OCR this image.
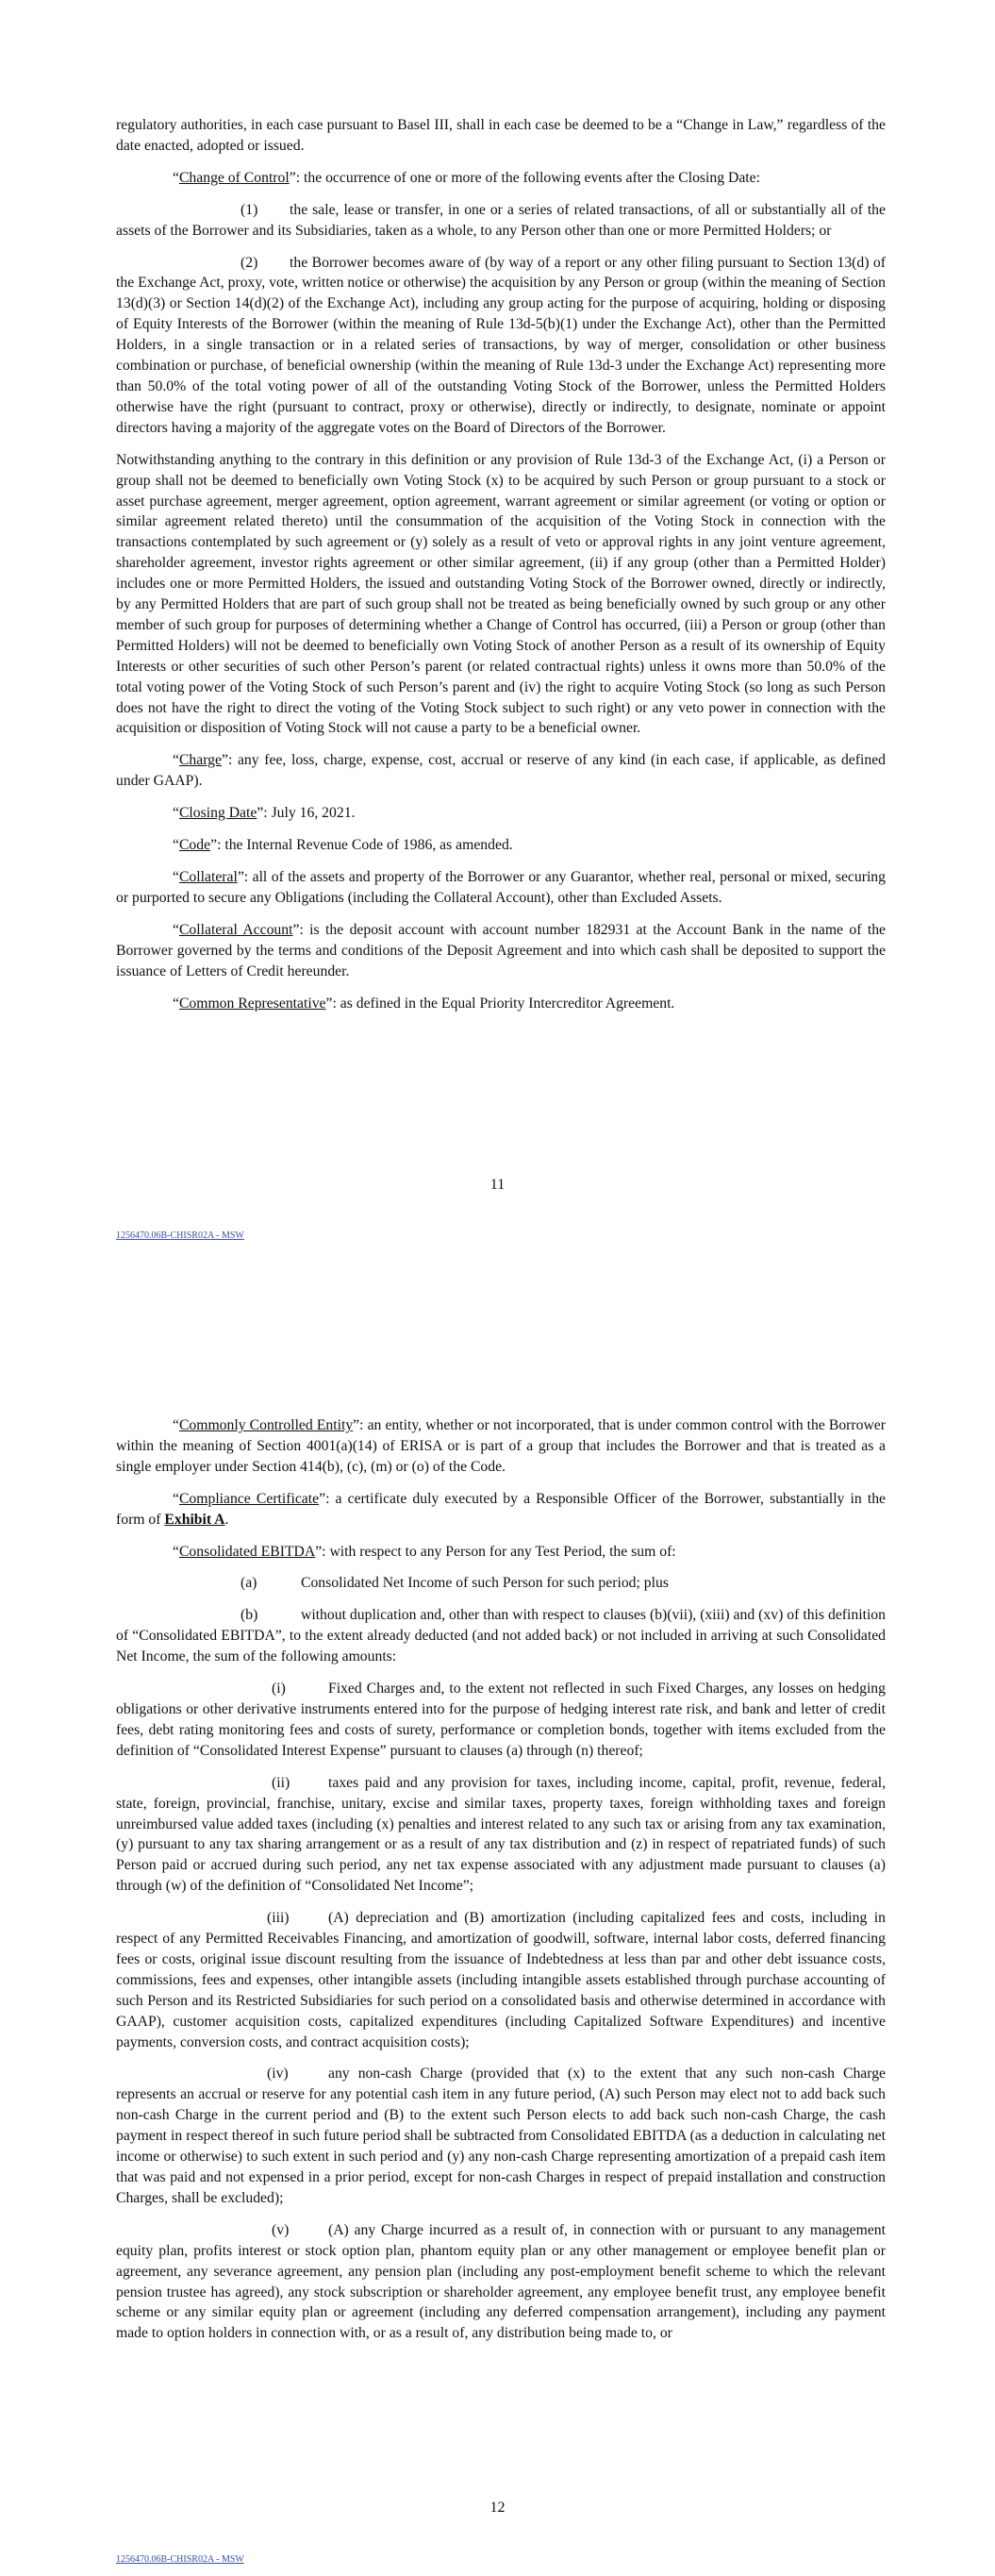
regulatory authorities, in each case pursuant to Basel III, shall in each case be deemed to be a “Change in Law,” regardless of the date enacted, adopted or issued.

“Change of Control”: the occurrence of one or more of the following events after the Closing Date:

(1) the sale, lease or transfer, in one or a series of related transactions, of all or substantially all of the assets of the Borrower and its Subsidiaries, taken as a whole, to any Person other than one or more Permitted Holders; or

(2) the Borrower becomes aware of (by way of a report or any other filing pursuant to Section 13(d) of the Exchange Act, proxy, vote, written notice or otherwise) the acquisition by any Person or group (within the meaning of Section 13(d)(3) or Section 14(d)(2) of the Exchange Act), including any group acting for the purpose of acquiring, holding or disposing of Equity Interests of the Borrower (within the meaning of Rule 13d-5(b)(1) under the Exchange Act), other than the Permitted Holders, in a single transaction or in a related series of transactions, by way of merger, consolidation or other business combination or purchase, of beneficial ownership (within the meaning of Rule 13d-3 under the Exchange Act) representing more than 50.0% of the total voting power of all of the outstanding Voting Stock of the Borrower, unless the Permitted Holders otherwise have the right (pursuant to contract, proxy or otherwise), directly or indirectly, to designate, nominate or appoint directors having a majority of the aggregate votes on the Board of Directors of the Borrower.

Notwithstanding anything to the contrary in this definition or any provision of Rule 13d-3 of the Exchange Act, (i) a Person or group shall not be deemed to beneficially own Voting Stock (x) to be acquired by such Person or group pursuant to a stock or asset purchase agreement, merger agreement, option agreement, warrant agreement or similar agreement (or voting or option or similar agreement related thereto) until the consummation of the acquisition of the Voting Stock in connection with the transactions contemplated by such agreement or (y) solely as a result of veto or approval rights in any joint venture agreement, shareholder agreement, investor rights agreement or other similar agreement, (ii) if any group (other than a Permitted Holder) includes one or more Permitted Holders, the issued and outstanding Voting Stock of the Borrower owned, directly or indirectly, by any Permitted Holders that are part of such group shall not be treated as being beneficially owned by such group or any other member of such group for purposes of determining whether a Change of Control has occurred, (iii) a Person or group (other than Permitted Holders) will not be deemed to beneficially own Voting Stock of another Person as a result of its ownership of Equity Interests or other securities of such other Person’s parent (or related contractual rights) unless it owns more than 50.0% of the total voting power of the Voting Stock of such Person’s parent and (iv) the right to acquire Voting Stock (so long as such Person does not have the right to direct the voting of the Voting Stock subject to such right) or any veto power in connection with the acquisition or disposition of Voting Stock will not cause a party to be a beneficial owner.

“Charge”: any fee, loss, charge, expense, cost, accrual or reserve of any kind (in each case, if applicable, as defined under GAAP).

“Closing Date”: July 16, 2021.

“Code”: the Internal Revenue Code of 1986, as amended.

“Collateral”: all of the assets and property of the Borrower or any Guarantor, whether real, personal or mixed, securing or purported to secure any Obligations (including the Collateral Account), other than Excluded Assets.

“Collateral Account”: is the deposit account with account number 182931 at the Account Bank in the name of the Borrower governed by the terms and conditions of the Deposit Agreement and into which cash shall be deposited to support the issuance of Letters of Credit hereunder.

“Common Representative”: as defined in the Equal Priority Intercreditor Agreement.

11
1256470.06B-CHISR02A - MSW

“Commonly Controlled Entity”: an entity, whether or not incorporated, that is under common control with the Borrower within the meaning of Section 4001(a)(14) of ERISA or is part of a group that includes the Borrower and that is treated as a single employer under Section 414(b), (c), (m) or (o) of the Code.

“Compliance Certificate”: a certificate duly executed by a Responsible Officer of the Borrower, substantially in the form of Exhibit A.

“Consolidated EBITDA”: with respect to any Person for any Test Period, the sum of:

(a)	Consolidated Net Income of such Person for such period; plus

(b)	without duplication and, other than with respect to clauses (b)(vii), (xiii) and (xv) of this definition of “Consolidated EBITDA”, to the extent already deducted (and not added back) or not included in arriving at such Consolidated Net Income, the sum of the following amounts:

(i)	Fixed Charges and, to the extent not reflected in such Fixed Charges, any losses on hedging obligations or other derivative instruments entered into for the purpose of hedging interest rate risk, and bank and letter of credit fees, debt rating monitoring fees and costs of surety, performance or completion bonds, together with items excluded from the definition of “Consolidated Interest Expense” pursuant to clauses (a) through (n) thereof;

(ii)	taxes paid and any provision for taxes, including income, capital, profit, revenue, federal, state, foreign, provincial, franchise, unitary, excise and similar taxes, property taxes, foreign withholding taxes and foreign unreimbursed value added taxes (including (x) penalties and interest related to any such tax or arising from any tax examination, (y) pursuant to any tax sharing arrangement or as a result of any tax distribution and (z) in respect of repatriated funds) of such Person paid or accrued during such period, any net tax expense associated with any adjustment made pursuant to clauses (a) through (w) of the definition of “Consolidated Net Income”;

(iii)	(A) depreciation and (B) amortization (including capitalized fees and costs, including in respect of any Permitted Receivables Financing, and amortization of goodwill, software, internal labor costs, deferred financing fees or costs, original issue discount resulting from the issuance of Indebtedness at less than par and other debt issuance costs, commissions, fees and expenses, other intangible assets (including intangible assets established through purchase accounting of such Person and its Restricted Subsidiaries for such period on a consolidated basis and otherwise determined in accordance with GAAP), customer acquisition costs, capitalized expenditures (including Capitalized Software Expenditures) and incentive payments, conversion costs, and contract acquisition costs);

(iv)	any non-cash Charge (provided that (x) to the extent that any such non-cash Charge represents an accrual or reserve for any potential cash item in any future period, (A) such Person may elect not to add back such non-cash Charge in the current period and (B) to the extent such Person elects to add back such non-cash Charge, the cash payment in respect thereof in such future period shall be subtracted from Consolidated EBITDA (as a deduction in calculating net income or otherwise) to such extent in such period and (y) any non-cash Charge representing amortization of a prepaid cash item that was paid and not expensed in a prior period, except for non-cash Charges in respect of prepaid installation and construction Charges, shall be excluded);

(v)	(A) any Charge incurred as a result of, in connection with or pursuant to any management equity plan, profits interest or stock option plan, phantom equity plan or any other management or employee benefit plan or agreement, any severance agreement, any pension plan (including any post-employment benefit scheme to which the relevant pension trustee has agreed), any stock subscription or shareholder agreement, any employee benefit trust, any employee benefit scheme or any similar equity plan or agreement (including any deferred compensation arrangement), including any payment made to option holders in connection with, or as a result of, any distribution being made to, or

12
1256470.06B-CHISR02A - MSW
